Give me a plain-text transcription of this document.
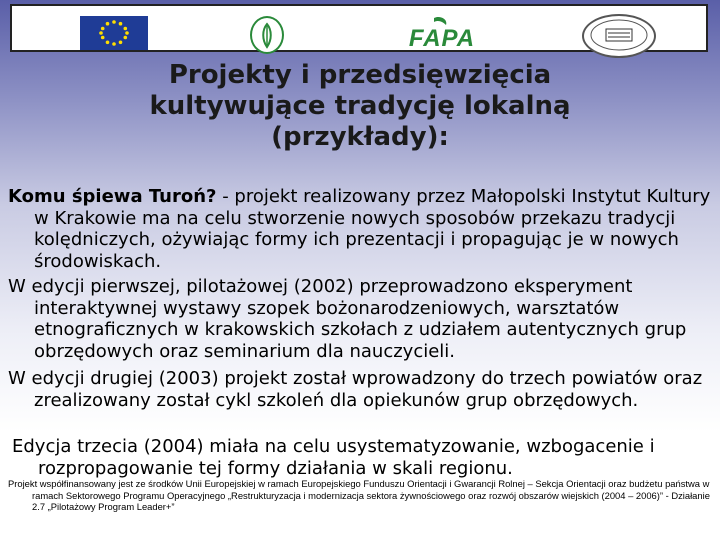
FAPA
Projekty i przedsięwzięcia
kultywujące tradycję lokalną
(przykłady):
Komu śpiewa Turoń? - projekt realizowany przez Małopolski Instytut Kultury w Krakowie ma na celu stworzenie nowych sposobów przekazu tradycji kolędniczych, ożywiając formy ich prezentacji i propagując je w nowych środowiskach.
W edycji pierwszej, pilotażowej (2002) przeprowadzono eksperyment interaktywnej wystawy szopek bożonarodzeniowych, warsztatów etnograficznych w krakowskich szkołach z udziałem autentycznych grup obrzędowych oraz seminarium dla nauczycieli.
W edycji drugiej (2003) projekt został wprowadzony do trzech powiatów oraz zrealizowany został cykl szkoleń dla opiekunów grup obrzędowych.
Edycja trzecia (2004) miała na celu usystematyzowanie, wzbogacenie i rozpropagowanie tej formy działania w skali regionu.
Projekt współfinansowany jest ze środków Unii Europejskiej w ramach Europejskiego Funduszu Orientacji i Gwarancji Rolnej – Sekcja Orientacji oraz budżetu państwa w ramach Sektorowego Programu Operacyjnego „Restrukturyzacja i modernizacja sektora żywnościowego oraz rozwój obszarów wiejskich (2004 – 2006)” - Działanie 2.7 „Pilotażowy Program Leader+”
